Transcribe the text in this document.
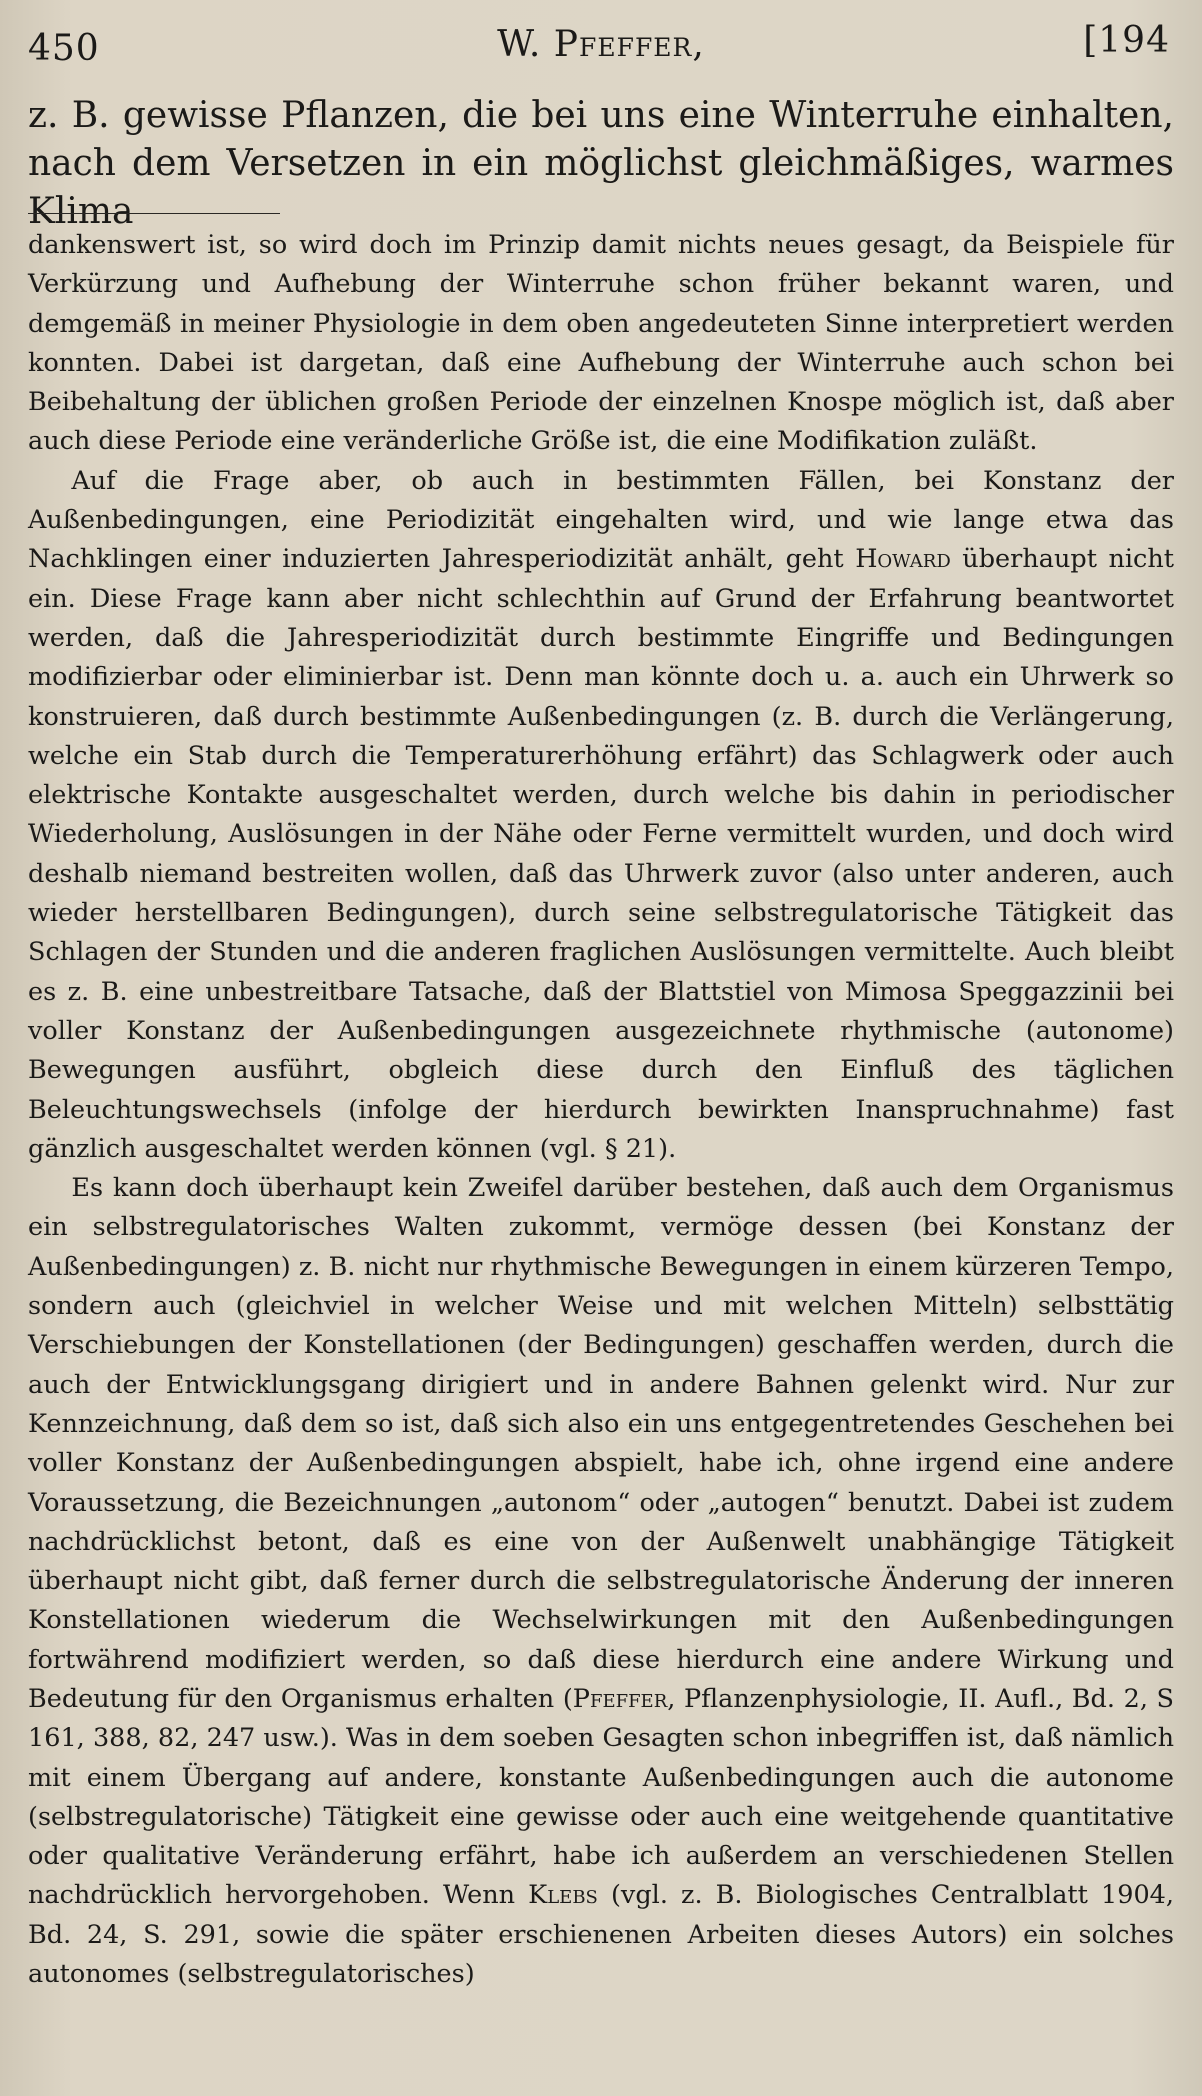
450	W. Pfeffer,	[194

z. B. gewisse Pflanzen, die bei uns eine Winterruhe einhalten,

nach dem Versetzen in ein möglichst gleichmäßiges, warmes Klima

dankenswert ist, so wird doch im Prinzip damit nichts neues gesagt, da Beispiele für Verkürzung und Aufhebung der Winterruhe schon früher bekannt waren, und demgemäß in meiner Physiologie in dem oben angedeuteten Sinne interpretiert werden konnten. Dabei ist dargetan, daß eine Aufhebung der Winterruhe auch schon bei Beibehaltung der üblichen großen Periode der einzelnen Knospe möglich ist, daß aber auch diese Periode eine veränderliche Größe ist, die eine Modifikation zuläßt.

Auf die Frage aber, ob auch in bestimmten Fällen, bei Konstanz der Außenbedingungen, eine Periodizität eingehalten wird, und wie lange etwa das Nachklingen einer induzierten Jahresperiodizität anhält, geht Howard überhaupt nicht ein. Diese Frage kann aber nicht schlechthin auf Grund der Erfahrung beantwortet werden, daß die Jahresperiodizität durch bestimmte Eingriffe und Bedingungen modifizierbar oder eliminierbar ist. Denn man könnte doch u. a. auch ein Uhrwerk so konstruieren, daß durch bestimmte Außenbedingungen (z. B. durch die Verlängerung, welche ein Stab durch die Temperaturerhöhung erfährt) das Schlagwerk oder auch elektrische Kontakte ausgeschaltet werden, durch welche bis dahin in periodischer Wiederholung, Auslösungen in der Nähe oder Ferne vermittelt wurden, und doch wird deshalb niemand bestreiten wollen, daß das Uhrwerk zuvor (also unter anderen, auch wieder herstellbaren Bedingungen), durch seine selbstregulatorische Tätigkeit das Schlagen der Stunden und die anderen fraglichen Auslösungen vermittelte. Auch bleibt es z. B. eine unbestreitbare Tatsache, daß der Blattstiel von Mimosa Speggazzinii bei voller Konstanz der Außenbedingungen ausgezeichnete rhythmische (autonome) Bewegungen ausführt, obgleich diese durch den Einfluß des täglichen Beleuchtungswechsels (infolge der hierdurch bewirkten Inanspruchnahme) fast gänzlich ausgeschaltet werden können (vgl. § 21).

Es kann doch überhaupt kein Zweifel darüber bestehen, daß auch dem Organismus ein selbstregulatorisches Walten zukommt, vermöge dessen (bei Konstanz der Außenbedingungen) z. B. nicht nur rhythmische Bewegungen in einem kürzeren Tempo, sondern auch (gleichviel in welcher Weise und mit welchen Mitteln) selbsttätig Verschiebungen der Konstellationen (der Bedingungen) geschaffen werden, durch die auch der Entwicklungsgang dirigiert und in andere Bahnen gelenkt wird. Nur zur Kennzeichnung, daß dem so ist, daß sich also ein uns entgegentretendes Geschehen bei voller Konstanz der Außenbedingungen abspielt, habe ich, ohne irgend eine andere Voraussetzung, die Bezeichnungen „autonom“ oder „autogen“ benutzt. Dabei ist zudem nachdrücklichst betont, daß es eine von der Außenwelt unabhängige Tätigkeit überhaupt nicht gibt, daß ferner durch die selbstregulatorische Änderung der inneren Konstellationen wiederum die Wechselwirkungen mit den Außenbedingungen fortwährend modifiziert werden, so daß diese hierdurch eine andere Wirkung und Bedeutung für den Organismus erhalten (Pfeffer, Pflanzenphysiologie, II. Aufl., Bd. 2, S 161, 388, 82, 247 usw.). Was in dem soeben Gesagten schon inbegriffen ist, daß nämlich mit einem Übergang auf andere, konstante Außenbedingungen auch die autonome (selbstregulatorische) Tätigkeit eine gewisse oder auch eine weitgehende quantitative oder qualitative Veränderung erfährt, habe ich außerdem an verschiedenen Stellen nachdrücklich hervorgehoben. Wenn Klebs (vgl. z. B. Biologisches Centralblatt 1904, Bd. 24, S. 291, sowie die später erschienenen Arbeiten dieses Autors) ein solches autonomes (selbstregulatorisches)
